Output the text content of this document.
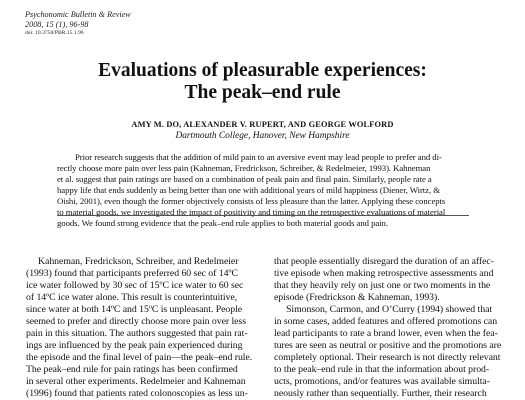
Psychonomic Bulletin & Review
2008, 15 (1), 96-98
doi: 10.3758/PBR.15.1.96
Evaluations of pleasurable experiences:
The peak–end rule
AMY M. DO, ALEXANDER V. RUPERT, AND GEORGE WOLFORD
Dartmouth College, Hanover, New Hampshire
Prior research suggests that the addition of mild pain to an aversive event may lead people to prefer and di-
rectly choose more pain over less pain (Kahneman, Fredrickson, Schreiber, & Redelmeier, 1993). Kahneman
et al. suggest that pain ratings are based on a combination of peak pain and final pain. Similarly, people rate a
happy life that ends suddenly as being better than one with additional years of mild happiness (Diener, Wirtz, &
Oishi, 2001), even though the former objectively consists of less pleasure than the latter. Applying these concepts
to material goods, we investigated the impact of positivity and timing on the retrospective evaluations of material
goods. We found strong evidence that the peak–end rule applies to both material goods and pain.
Kahneman, Fredrickson, Schreiber, and Redelmeier
(1993) found that participants preferred 60 sec of 14ºC
ice water followed by 30 sec of 15ºC ice water to 60 sec
of 14ºC ice water alone. This result is counterintuitive,
since water at both 14ºC and 15ºC is unpleasant. People
seemed to prefer and directly choose more pain over less
pain in this situation. The authors suggested that pain rat-
ings are influenced by the peak pain experienced during
the episode and the final level of pain—the peak–end rule.
The peak–end rule for pain ratings has been confirmed
in several other experiments. Redelmeier and Kahneman
(1996) found that patients rated colonoscopies as less un-
that people essentially disregard the duration of an affec-
tive episode when making retrospective assessments and
that they heavily rely on just one or two moments in the
episode (Fredrickson & Kahneman, 1993).
Simonson, Carmon, and O’Curry (1994) showed that
in some cases, added features and offered promotions can
lead participants to rate a brand lower, even when the fea-
tures are seen as neutral or positive and the promotions are
completely optional. Their research is not directly relevant
to the peak–end rule in that the information about prod-
ucts, promotions, and/or features was available simulta-
neously rather than sequentially. Further, their research
